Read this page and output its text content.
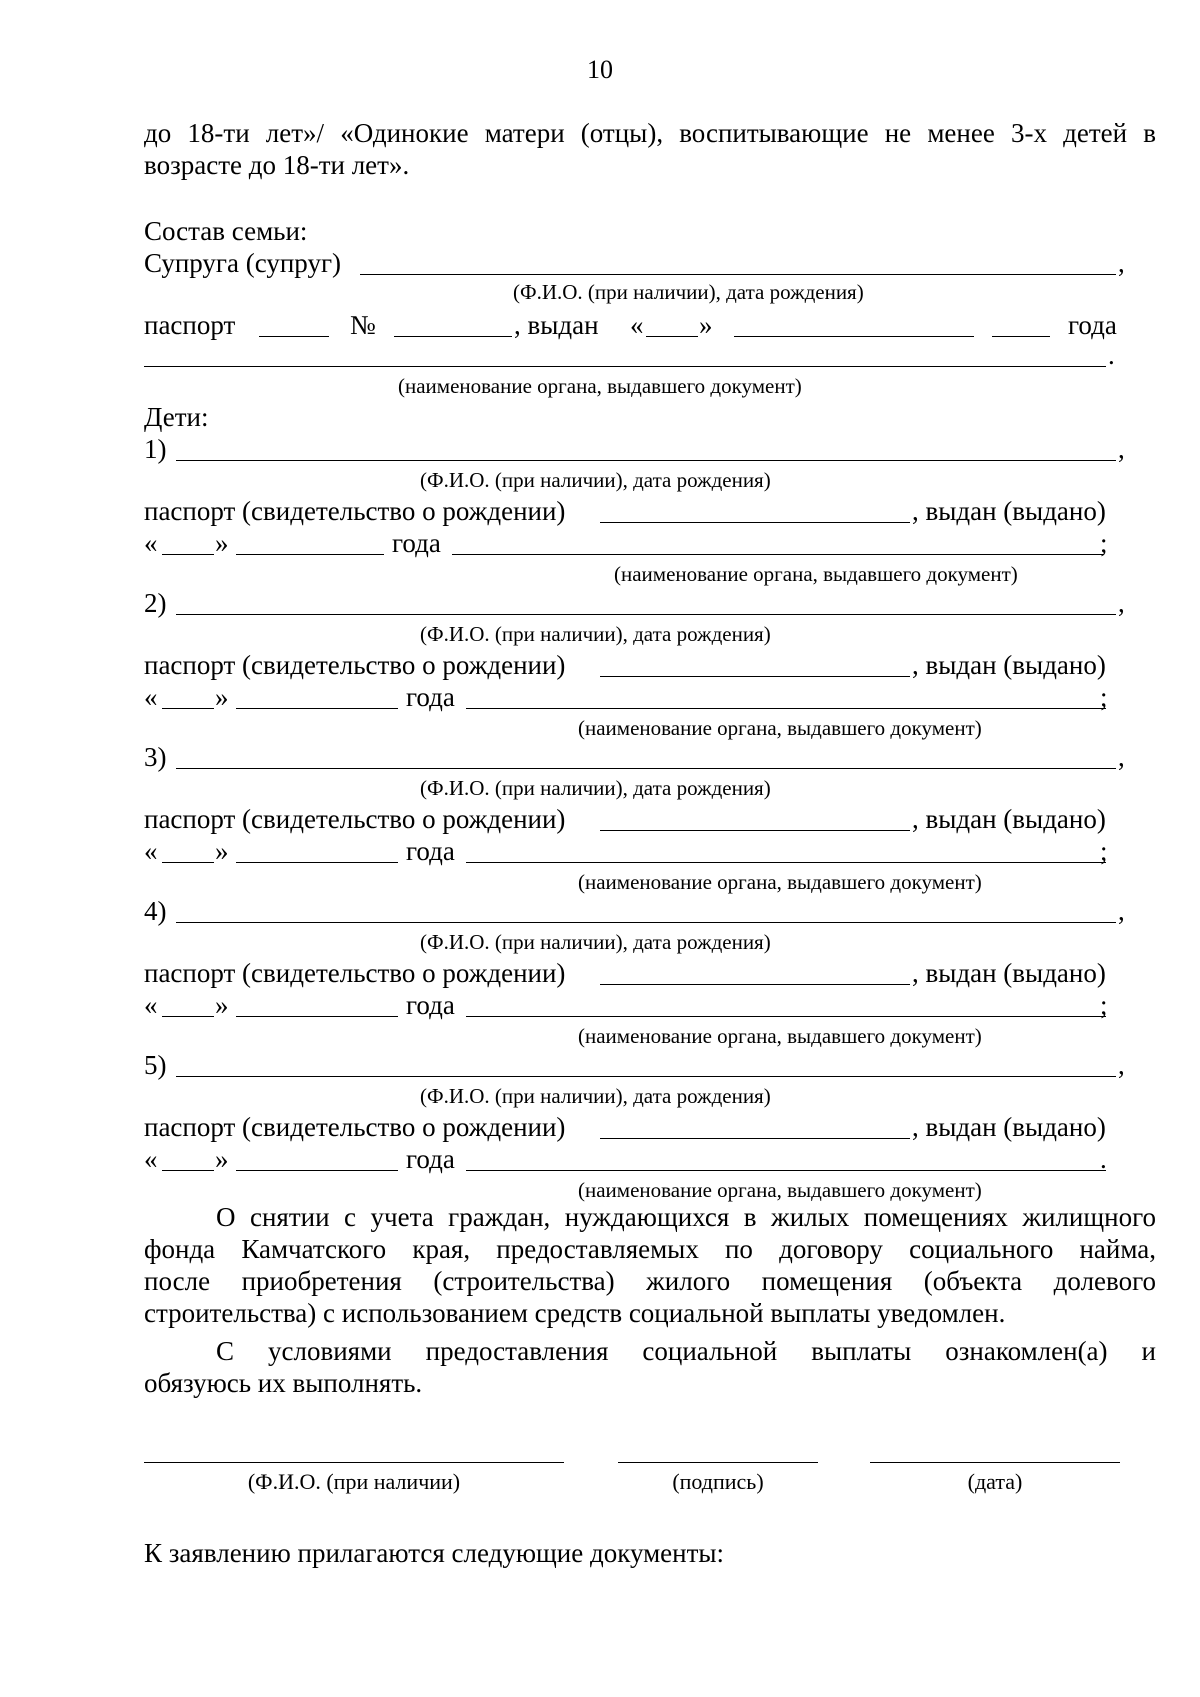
10
до 18-ти лет»/ «Одинокие матери (отцы), воспитывающие не менее 3-х детей в
возрасте до 18-ти лет».
Состав семьи:
Супруга (супруг)	,
(Ф.И.О. (при наличии), дата рождения)
паспорт	№	, выдан « »	года
.
(наименование органа, выдавшего документ)
Дети:
1)	,
(Ф.И.О. (при наличии), дата рождения)
паспорт (свидетельство о рождении)	, выдан (выдано)
« »	года	;
(наименование органа, выдавшего документ)
2)	,
(Ф.И.О. (при наличии), дата рождения)
паспорт (свидетельство о рождении)	, выдан (выдано)
« »	года	;
(наименование органа, выдавшего документ)
3)	,
(Ф.И.О. (при наличии), дата рождения)
паспорт (свидетельство о рождении)	, выдан (выдано)
« »	года	;
(наименование органа, выдавшего документ)
4)	,
(Ф.И.О. (при наличии), дата рождения)
паспорт (свидетельство о рождении)	, выдан (выдано)
« »	года	;
(наименование органа, выдавшего документ)
5)	,
(Ф.И.О. (при наличии), дата рождения)
паспорт (свидетельство о рождении)	, выдан (выдано)
« »	года	.
(наименование органа, выдавшего документ)
О снятии с учета граждан, нуждающихся в жилых помещениях жилищного
фонда Камчатского края, предоставляемых по договору социального найма,
после приобретения (строительства) жилого помещения (объекта долевого
строительства) с использованием средств социальной выплаты уведомлен.
С условиями предоставления социальной выплаты ознакомлен(а) и
обязуюсь их выполнять.
(Ф.И.О. (при наличии)	(подпись)	(дата)
К заявлению прилагаются следующие документы:
